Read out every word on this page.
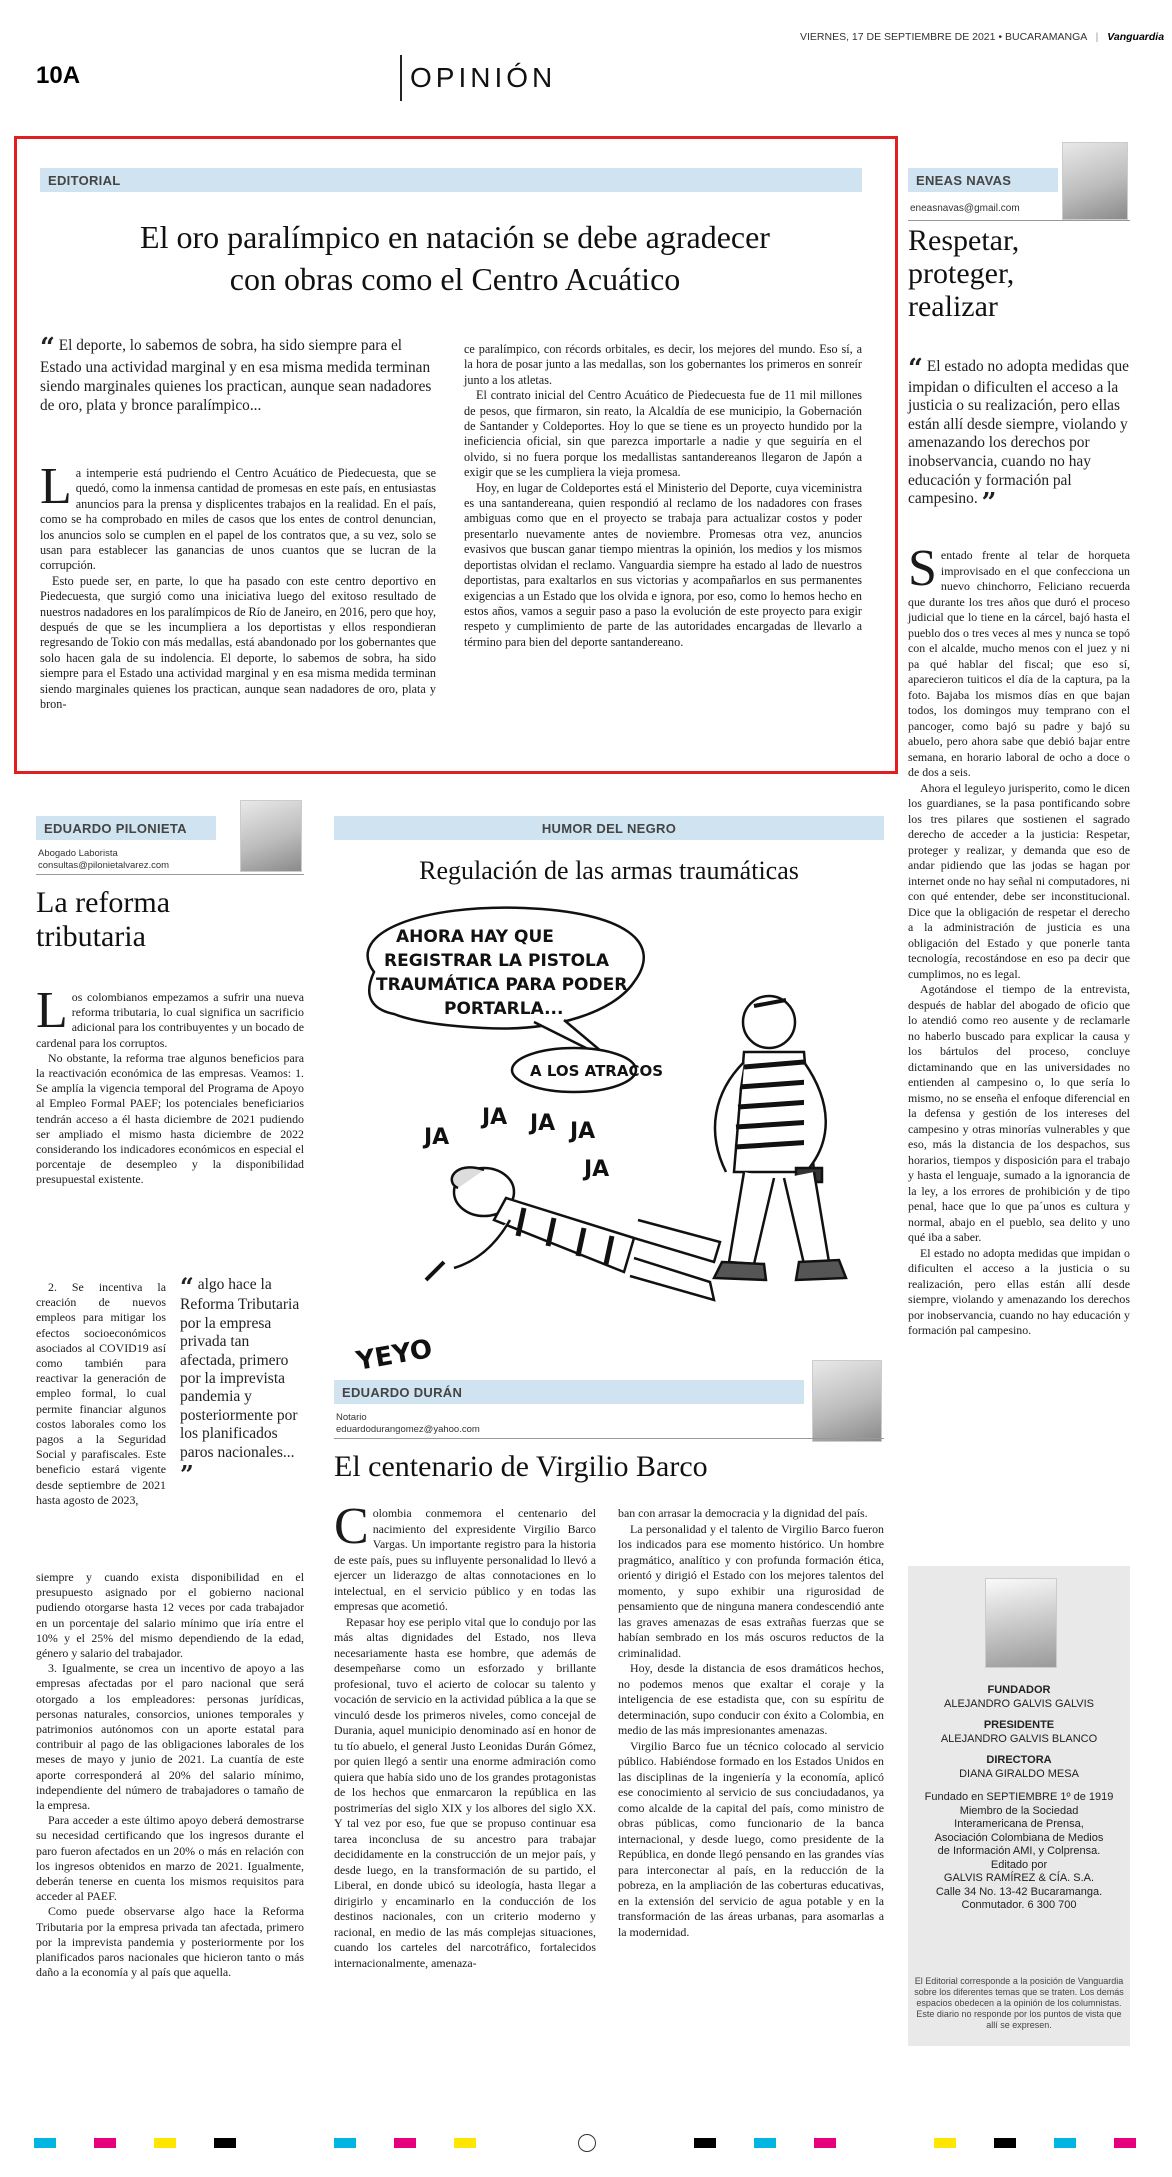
VIERNES, 17 DE SEPTIEMBRE DE 2021 • BUCARAMANGA | Vanguardia
10A	OPINIÓN
EDITORIAL
El oro paralímpico en natación se debe agradecer
con obras como el Centro Acuático
“ El deporte, lo sabemos de sobra, ha sido siempre para el Estado una actividad marginal y en esa misma medida terminan siendo marginales quienes los practican, aunque sean nadadores de oro, plata y bronce paralímpico...

La intemperie está pudriendo el Centro Acuático de Piedecuesta, que se quedó, como la inmensa cantidad de promesas en este país, en entusiastas anuncios para la prensa y displicentes trabajos en la realidad. En el país, como se ha comprobado en miles de casos que los entes de control denuncian, los anuncios solo se cumplen en el papel de los contratos que, a su vez, solo se usan para establecer las ganancias de unos cuantos que se lucran de la corrupción.

Esto puede ser, en parte, lo que ha pasado con este centro deportivo en Piedecuesta, que surgió como una iniciativa luego del exitoso resultado de nuestros nadadores en los paralímpicos de Río de Janeiro, en 2016, pero que hoy, después de que se les incumpliera a los deportistas y ellos respondieran regresando de Tokio con más medallas, está abandonado por los gobernantes que solo hacen gala de su indolencia. El deporte, lo sabemos de sobra, ha sido siempre para el Estado una actividad marginal y en esa misma medida terminan siendo marginales quienes los practican, aunque sean nadadores de oro, plata y bron-

ce paralímpico, con récords orbitales, es decir, los mejores del mundo. Eso sí, a la hora de posar junto a las medallas, son los gobernantes los primeros en sonreír junto a los atletas.

El contrato inicial del Centro Acuático de Piedecuesta fue de 11 mil millones de pesos, que firmaron, sin reato, la Alcaldía de ese municipio, la Gobernación de Santander y Coldeportes. Hoy lo que se tiene es un proyecto hundido por la ineficiencia oficial, sin que parezca importarle a nadie y que seguiría en el olvido, si no fuera porque los medallistas santandereanos llegaron de Japón a exigir que se les cumpliera la vieja promesa.

Hoy, en lugar de Coldeportes está el Ministerio del Deporte, cuya viceministra es una santandereana, quien respondió al reclamo de los nadadores con frases ambiguas como que en el proyecto se trabaja para actualizar costos y poder presentarlo nuevamente antes de noviembre. Promesas otra vez, anuncios evasivos que buscan ganar tiempo mientras la opinión, los medios y los mismos deportistas olvidan el reclamo. Vanguardia siempre ha estado al lado de nuestros deportistas, para exaltarlos en sus victorias y acompañarlos en sus permanentes exigencias a un Estado que los olvida e ignora, por eso, como lo hemos hecho en estos años, vamos a seguir paso a paso la evolución de este proyecto para exigir respeto y cumplimiento de parte de las autoridades encargadas de llevarlo a término para bien del deporte santandereano.

ENEAS NAVAS
eneasnavas@gmail.com
Respetar,
proteger,
realizar
“ El estado no adopta medidas que impidan o dificulten el acceso a la justicia o su realización, pero ellas están allí desde siempre, violando y amenazando los derechos por inobservancia, cuando no hay educación y formación pal campesino. ”

Sentado frente al telar de horqueta improvisado en el que confecciona un nuevo chinchorro, Feliciano recuerda que durante los tres años que duró el proceso judicial que lo tiene en la cárcel, bajó hasta el pueblo dos o tres veces al mes y nunca se topó con el alcalde, mucho menos con el juez y ni pa qué hablar del fiscal; que eso sí, aparecieron tuiticos el día de la captura, pa la foto. Bajaba los mismos días en que bajan todos, los domingos muy temprano con el pancoger, como bajó su padre y bajó su abuelo, pero ahora sabe que debió bajar entre semana, en horario laboral de ocho a doce o de dos a seis.

Ahora el leguleyo jurisperito, como le dicen los guardianes, se la pasa pontificando sobre los tres pilares que sostienen el sagrado derecho de acceder a la justicia: Respetar, proteger y realizar, y demanda que eso de andar pidiendo que las jodas se hagan por internet onde no hay señal ni computadores, ni con qué entender, debe ser inconstitucional. Dice que la obligación de respetar el derecho a la administración de justicia es una obligación del Estado y que ponerle tanta tecnología, recostándose en eso pa decir que cumplimos, no es legal.

Agotándose el tiempo de la entrevista, después de hablar del abogado de oficio que lo atendió como reo ausente y de reclamarle no haberlo buscado para explicar la causa y los bártulos del proceso, concluye dictaminando que en las universidades no entienden al campesino o, lo que sería lo mismo, no se enseña el enfoque diferencial en la defensa y gestión de los intereses del campesino y otras minorías vulnerables y que eso, más la distancia de los despachos, sus horarios, tiempos y disposición para el trabajo y hasta el lenguaje, sumado a la ignorancia de la ley, a los errores de prohibición y de tipo penal, hace que lo que pa´unos es cultura y normal, abajo en el pueblo, sea delito y uno qué iba a saber.

El estado no adopta medidas que impidan o dificulten el acceso a la justicia o su realización, pero ellas están allí desde siempre, violando y amenazando los derechos por inobservancia, cuando no hay educación y formación pal campesino.

FUNDADOR
ALEJANDRO GALVIS GALVIS
PRESIDENTE
ALEJANDRO GALVIS BLANCO
DIRECTORA
DIANA GIRALDO MESA
Fundado en SEPTIEMBRE 1º de 1919
Miembro de la Sociedad
Interamericana de Prensa,
Asociación Colombiana de Medios
de Información AMI, y Colprensa.
Editado por
GALVIS RAMÍREZ & CÍA. S.A.
Calle 34 No. 13-42 Bucaramanga.
Conmutador. 6 300 700
El Editorial corresponde a la posición de Vanguardia sobre los diferentes temas que se traten. Los demás espacios obedecen a la opinión de los columnistas. Este diario no responde por los puntos de vista que allí se expresen.
EDUARDO PILONIETA
Abogado Laborista
consultas@pilonietalvarez.com
La reforma
tributaria

Los colombianos empezamos a sufrir una nueva reforma tributaria, lo cual significa un sacrificio adicional para los contribuyentes y un bocado de cardenal para los corruptos.

No obstante, la reforma trae algunos beneficios para la reactivación económica de las empresas. Veamos: 1. Se amplía la vigencia temporal del Programa de Apoyo al Empleo Formal PAEF; los potenciales beneficiarios tendrán acceso a él hasta diciembre de 2021 pudiendo ser ampliado el mismo hasta diciembre de 2022 considerando los indicadores económicos en especial el porcentaje de desempleo y la disponibilidad presupuestal existente.

2. Se incentiva la creación de nuevos empleos para mitigar los efectos socioeconómicos asociados al COVID19 así como también para reactivar la generación de empleo formal, lo cual permite financiar algunos costos laborales como los pagos a la Seguridad Social y parafiscales. Este beneficio estará vigente desde septiembre de 2021 hasta agosto de 2023,

“ algo hace la Reforma Tributaria por la empresa privada tan afectada, primero por la imprevista pandemia y posteriormente por los planificados paros nacionales... ”

siempre y cuando exista disponibilidad en el presupuesto asignado por el gobierno nacional pudiendo otorgarse hasta 12 veces por cada trabajador en un porcentaje del salario mínimo que iría entre el 10% y el 25% del mismo dependiendo de la edad, género y salario del trabajador.

3. Igualmente, se crea un incentivo de apoyo a las empresas afectadas por el paro nacional que será otorgado a los empleadores: personas jurídicas, personas naturales, consorcios, uniones temporales y patrimonios autónomos con un aporte estatal para contribuir al pago de las obligaciones laborales de los meses de mayo y junio de 2021. La cuantía de este aporte corresponderá al 20% del salario mínimo, independiente del número de trabajadores o tamaño de la empresa.

Para acceder a este último apoyo deberá demostrarse su necesidad certificando que los ingresos durante el paro fueron afectados en un 20% o más en relación con los ingresos obtenidos en marzo de 2021. Igualmente, deberán tenerse en cuenta los mismos requisitos para acceder al PAEF.

Como puede observarse algo hace la Reforma Tributaria por la empresa privada tan afectada, primero por la imprevista pandemia y posteriormente por los planificados paros nacionales que hicieron tanto o más daño a la economía y al país que aquella.

HUMOR DEL NEGRO
Regulación de las armas traumáticas
AHORA HAY QUE REGISTRAR LA PISTOLA TRAUMÁTICA PARA PODER PORTARLA...
A LOS ATRACOS
JA
JA JA JA
JA
YEYO
EDUARDO DURÁN
Notario
eduardodurangomez@yahoo.com
El centenario de Virgilio Barco

Colombia conmemora el centenario del nacimiento del expresidente Virgilio Barco Vargas. Un importante registro para la historia de este país, pues su influyente personalidad lo llevó a ejercer un liderazgo de altas connotaciones en lo intelectual, en el servicio público y en todas las empresas que acometió.

Repasar hoy ese periplo vital que lo condujo por las más altas dignidades del Estado, nos lleva necesariamente hasta ese hombre, que además de desempeñarse como un esforzado y brillante profesional, tuvo el acierto de colocar su talento y vocación de servicio en la actividad pública a la que se vinculó desde los primeros niveles, como concejal de Durania, aquel municipio denominado así en honor de tu tío abuelo, el general Justo Leonidas Durán Gómez, por quien llegó a sentir una enorme admiración como quiera que había sido uno de los grandes protagonistas de los hechos que enmarcaron la república en las postrimerías del siglo XIX y los albores del siglo XX. Y tal vez por eso, fue que se propuso continuar esa tarea inconclusa de su ancestro para trabajar decididamente en la construcción de un mejor país, y desde luego, en la transformación de su partido, el Liberal, en donde ubicó su ideología, hasta llegar a dirigirlo y encaminarlo en la conducción de los destinos nacionales, con un criterio moderno y racional, en medio de las más complejas situaciones, cuando los carteles del narcotráfico, fortalecidos internacionalmente, amenaza-

ban con arrasar la democracia y la dignidad del país.

La personalidad y el talento de Virgilio Barco fueron los indicados para ese momento histórico. Un hombre pragmático, analítico y con profunda formación ética, orientó y dirigió el Estado con los mejores talentos del momento, y supo exhibir una rigurosidad de pensamiento que de ninguna manera condescendió ante las graves amenazas de esas extrañas fuerzas que se habían sembrado en los más oscuros reductos de la criminalidad.

Hoy, desde la distancia de esos dramáticos hechos, no podemos menos que exaltar el coraje y la inteligencia de ese estadista que, con su espíritu de determinación, supo conducir con éxito a Colombia, en medio de las más impresionantes amenazas.

Virgilio Barco fue un técnico colocado al servicio público. Habiéndose formado en los Estados Unidos en las disciplinas de la ingeniería y la economía, aplicó ese conocimiento al servicio de sus conciudadanos, ya como alcalde de la capital del país, como ministro de obras públicas, como funcionario de la banca internacional, y desde luego, como presidente de la República, en donde llegó pensando en las grandes vías para interconectar al país, en la reducción de la pobreza, en la ampliación de las coberturas educativas, en la extensión del servicio de agua potable y en la transformación de las áreas urbanas, para asomarlas a la modernidad.
